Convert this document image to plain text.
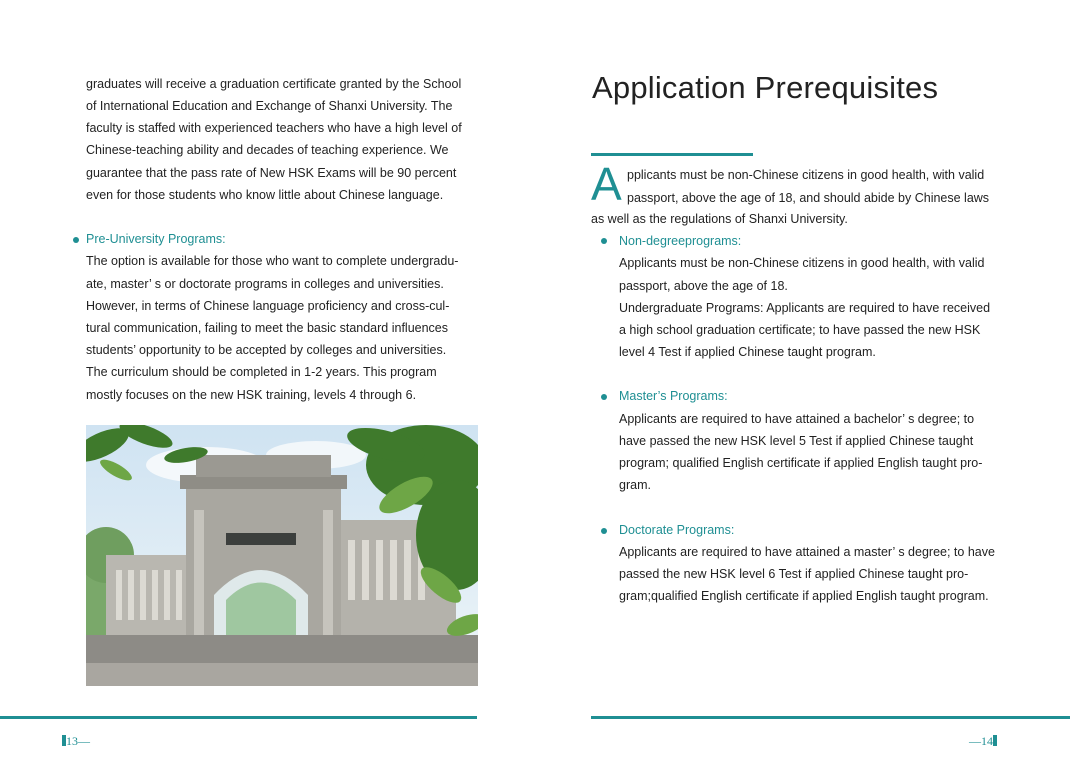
graduates will receive a graduation certificate granted by the School
of International Education and Exchange of Shanxi University. The
faculty is staffed with experienced teachers who have a high level of
Chinese-teaching ability and decades of teaching experience. We
guarantee that the pass rate of New HSK Exams will be 90 percent
even for those students who know little about Chinese language.
Pre-University Programs:
The option is available for those who want to complete undergradu-
ate, master’ s or doctorate programs in colleges and universities.
However, in terms of Chinese language proficiency and cross-cul-
tural communication, failing to meet the basic standard influences
students’ opportunity to be accepted by colleges and universities.
The curriculum should be completed in 1-2 years. This program
mostly focuses on the new HSK training, levels 4 through 6.
13—
Application Prerequisites
A pplicants must be non-Chinese citizens in good health, with valid
passport, above the age of 18, and should abide by Chinese laws
as well as the regulations of Shanxi University.
Non-degreeprograms:
Applicants must be non-Chinese citizens in good health, with valid
passport, above the age of 18.
Undergraduate Programs: Applicants are required to have received
a high school graduation certificate; to have passed the new HSK
level 4 Test if applied Chinese taught program.
Master’s Programs:
Applicants are required to have attained a bachelor’ s degree; to
have passed the new HSK level 5 Test if applied Chinese taught
program; qualified English certificate if applied English taught pro-
gram.
Doctorate Programs:
Applicants are required to have attained a master’ s degree; to have
passed the new HSK level 6 Test if applied Chinese taught pro-
gram;qualified English certificate if applied English taught program.
—14
